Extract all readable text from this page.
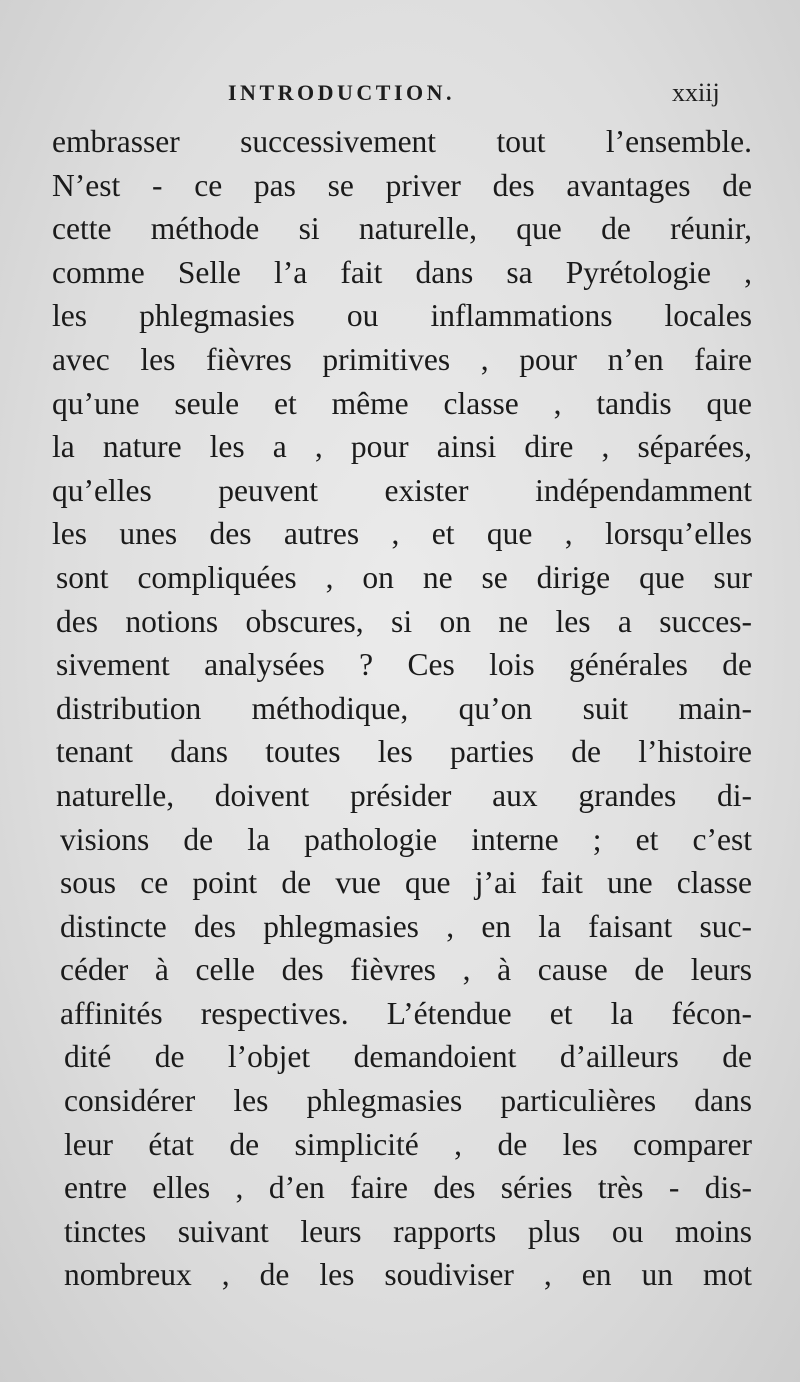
INTRODUCTION.	xxiij
embrasser successivement tout l’ensemble.
N’est - ce pas se priver des avantages de
cette méthode si naturelle, que de réunir,
comme Selle l’a fait dans sa Pyrétologie ,
les phlegmasies ou inflammations locales
avec les fièvres primitives , pour n’en faire
qu’une seule et même classe , tandis que
la nature les a , pour ainsi dire , séparées,
qu’elles peuvent exister indépendamment
les unes des autres , et que , lorsqu’elles
sont compliquées , on ne se dirige que sur
des notions obscures, si on ne les a succes-
sivement analysées ? Ces lois générales de
distribution méthodique, qu’on suit main-
tenant dans toutes les parties de l’histoire
naturelle, doivent présider aux grandes di-
visions de la pathologie interne ; et c’est
sous ce point de vue que j’ai fait une classe
distincte des phlegmasies , en la faisant suc-
céder à celle des fièvres , à cause de leurs
affinités respectives. L’étendue et la fécon-
dité de l’objet demandoient d’ailleurs de
considérer les phlegmasies particulières dans
leur état de simplicité , de les comparer
entre elles , d’en faire des séries très - dis-
tinctes suivant leurs rapports plus ou moins
nombreux , de les soudiviser , en un mot
